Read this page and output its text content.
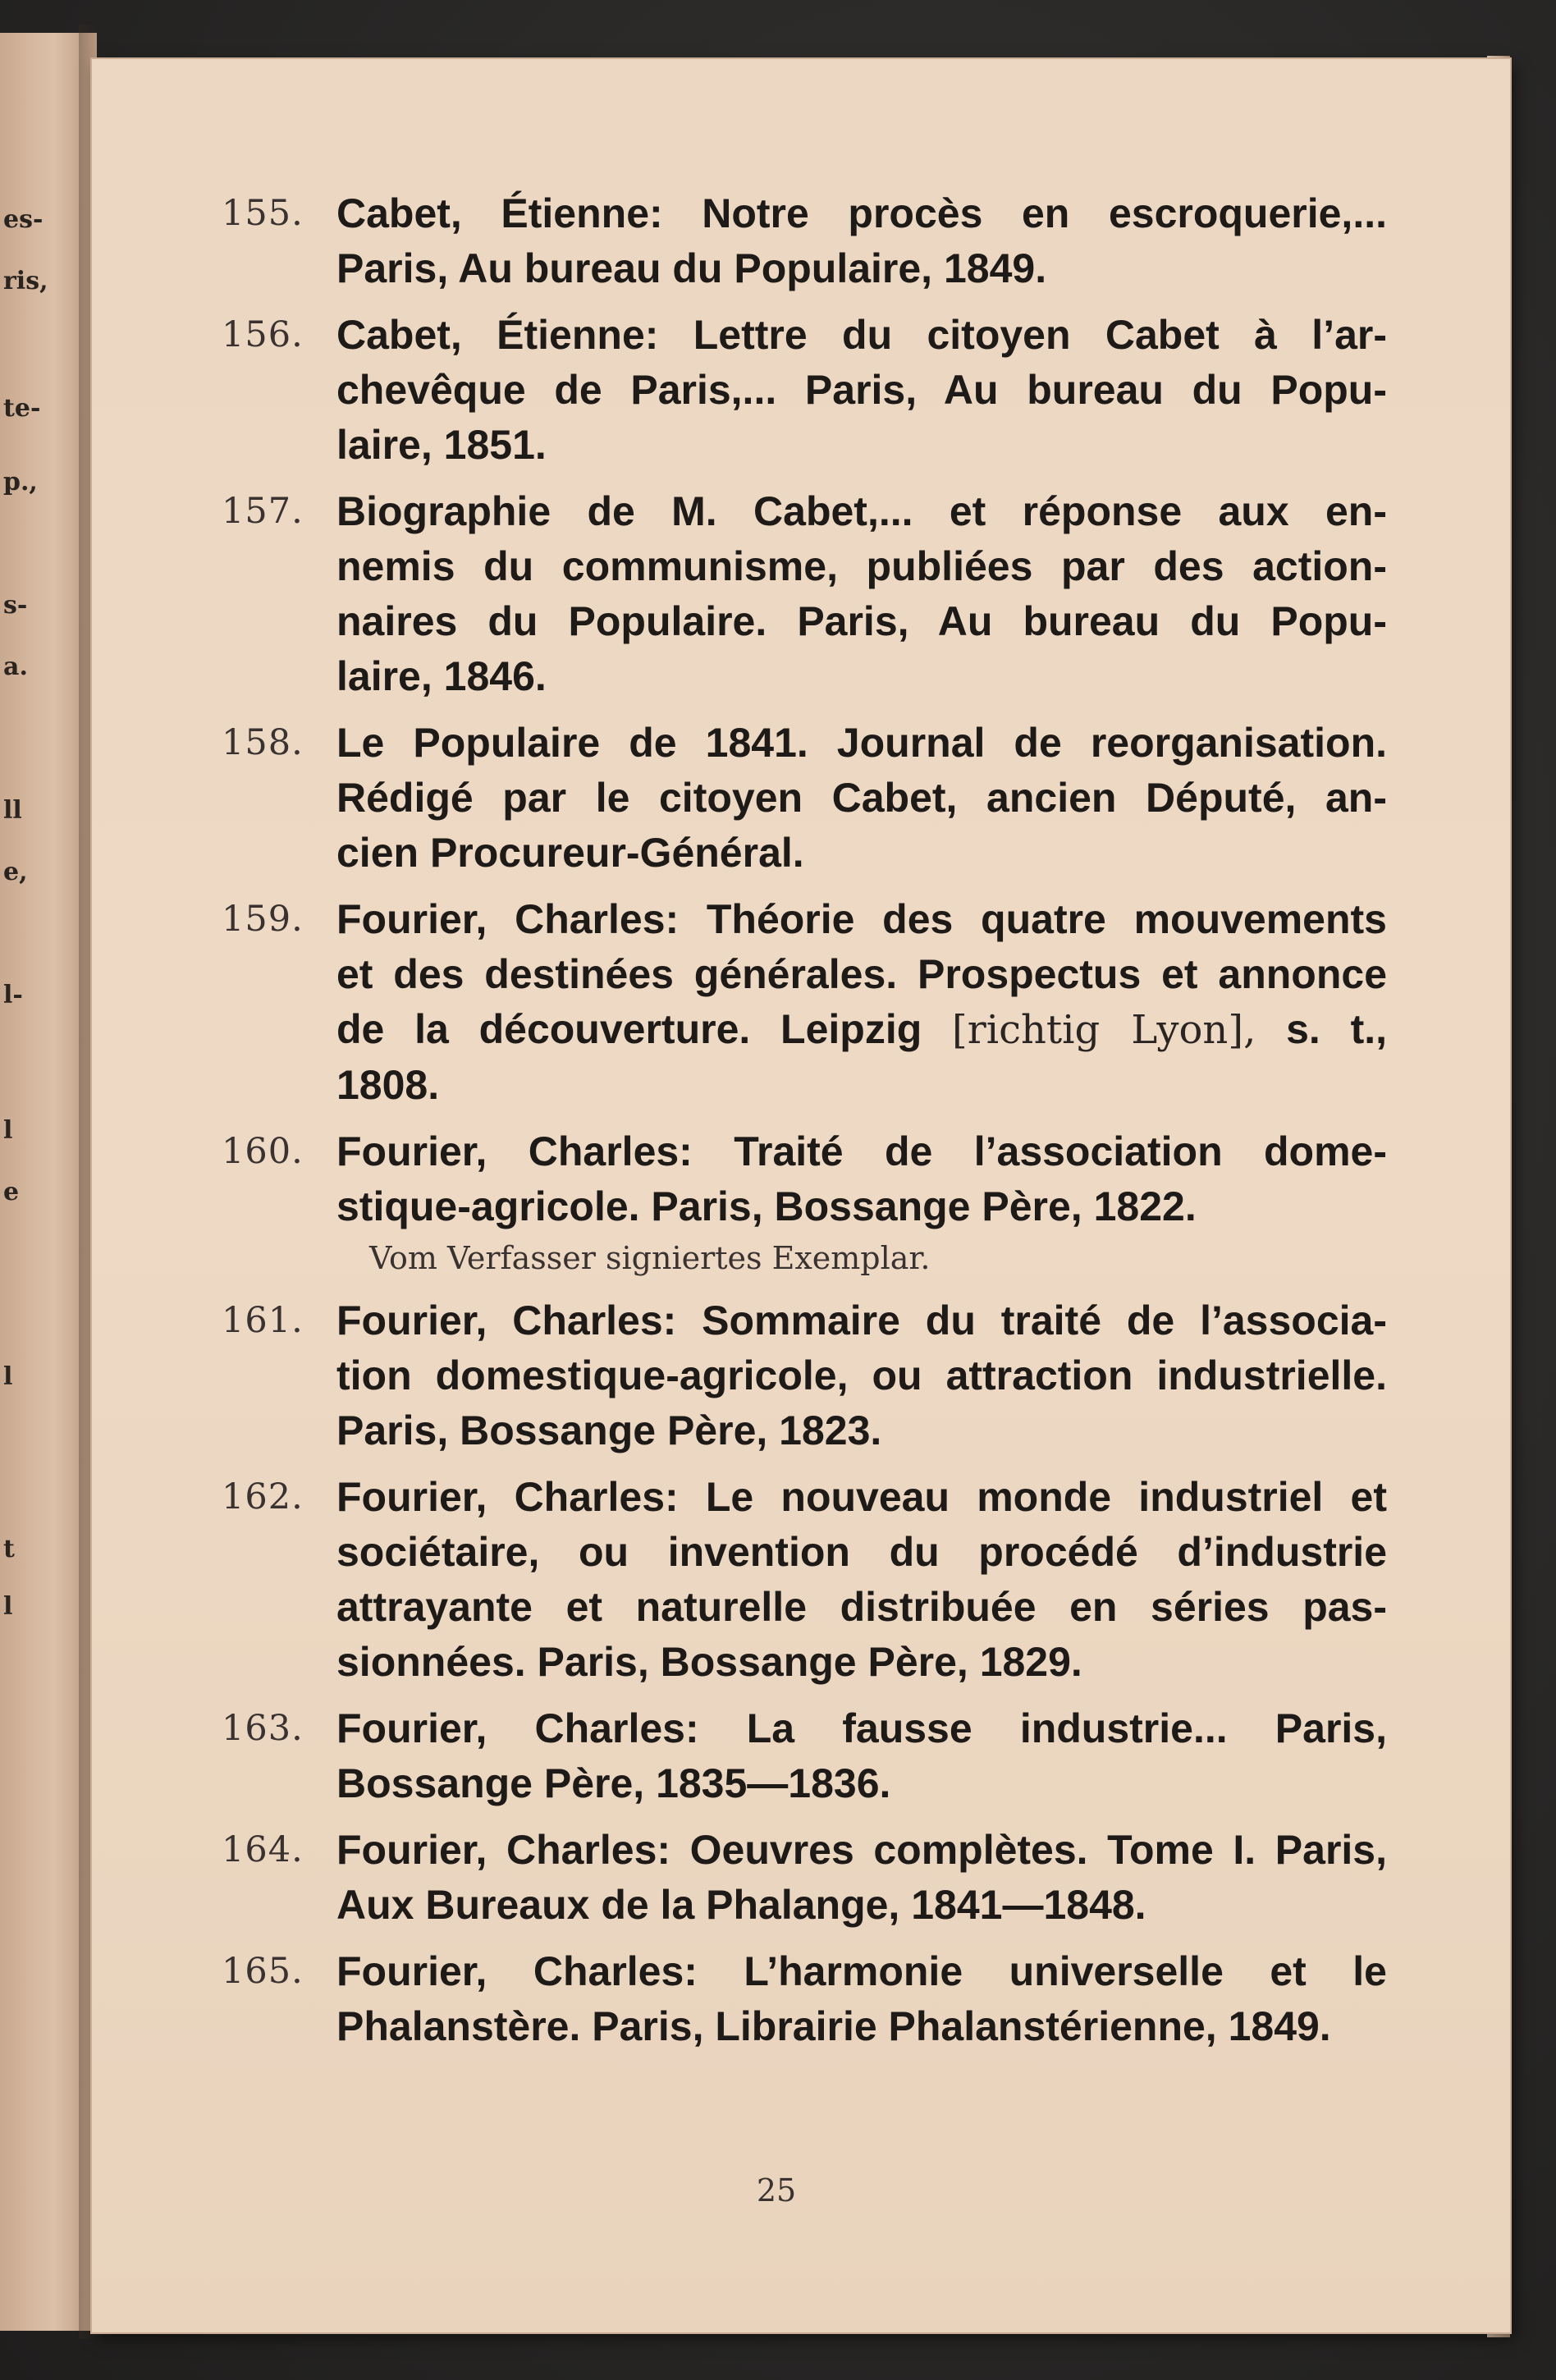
es-
ris,
te-
p.,
s-
a.
ll
e,
l-
l
e
l
t
l
155. Cabet, Étienne: Notre procès en escroquerie,...
Paris, Au bureau du Populaire, 1849.
156. Cabet, Étienne: Lettre du citoyen Cabet à l’ar-
chevêque de Paris,... Paris, Au bureau du Popu-
laire, 1851.
157. Biographie de M. Cabet,... et réponse aux en-
nemis du communisme, publiées par des action-
naires du Populaire. Paris, Au bureau du Popu-
laire, 1846.
158. Le Populaire de 1841. Journal de reorganisation.
Rédigé par le citoyen Cabet, ancien Député, an-
cien Procureur-Général.
159. Fourier, Charles: Théorie des quatre mouvements
et des destinées générales. Prospectus et annonce
de la découverture. Leipzig [richtig Lyon], s. t.,
1808.
160. Fourier, Charles: Traité de l’association dome-
stique-agricole. Paris, Bossange Père, 1822.
Vom Verfasser signiertes Exemplar.
161. Fourier, Charles: Sommaire du traité de l’associa-
tion domestique-agricole, ou attraction industrielle.
Paris, Bossange Père, 1823.
162. Fourier, Charles: Le nouveau monde industriel et
sociétaire, ou invention du procédé d’industrie
attrayante et naturelle distribuée en séries pas-
sionnées. Paris, Bossange Père, 1829.
163. Fourier, Charles: La fausse industrie... Paris,
Bossange Père, 1835—1836.
164. Fourier, Charles: Oeuvres complètes. Tome I. Paris,
Aux Bureaux de la Phalange, 1841—1848.
165. Fourier, Charles: L’harmonie universelle et le
Phalanstère. Paris, Librairie Phalanstérienne, 1849.
25
